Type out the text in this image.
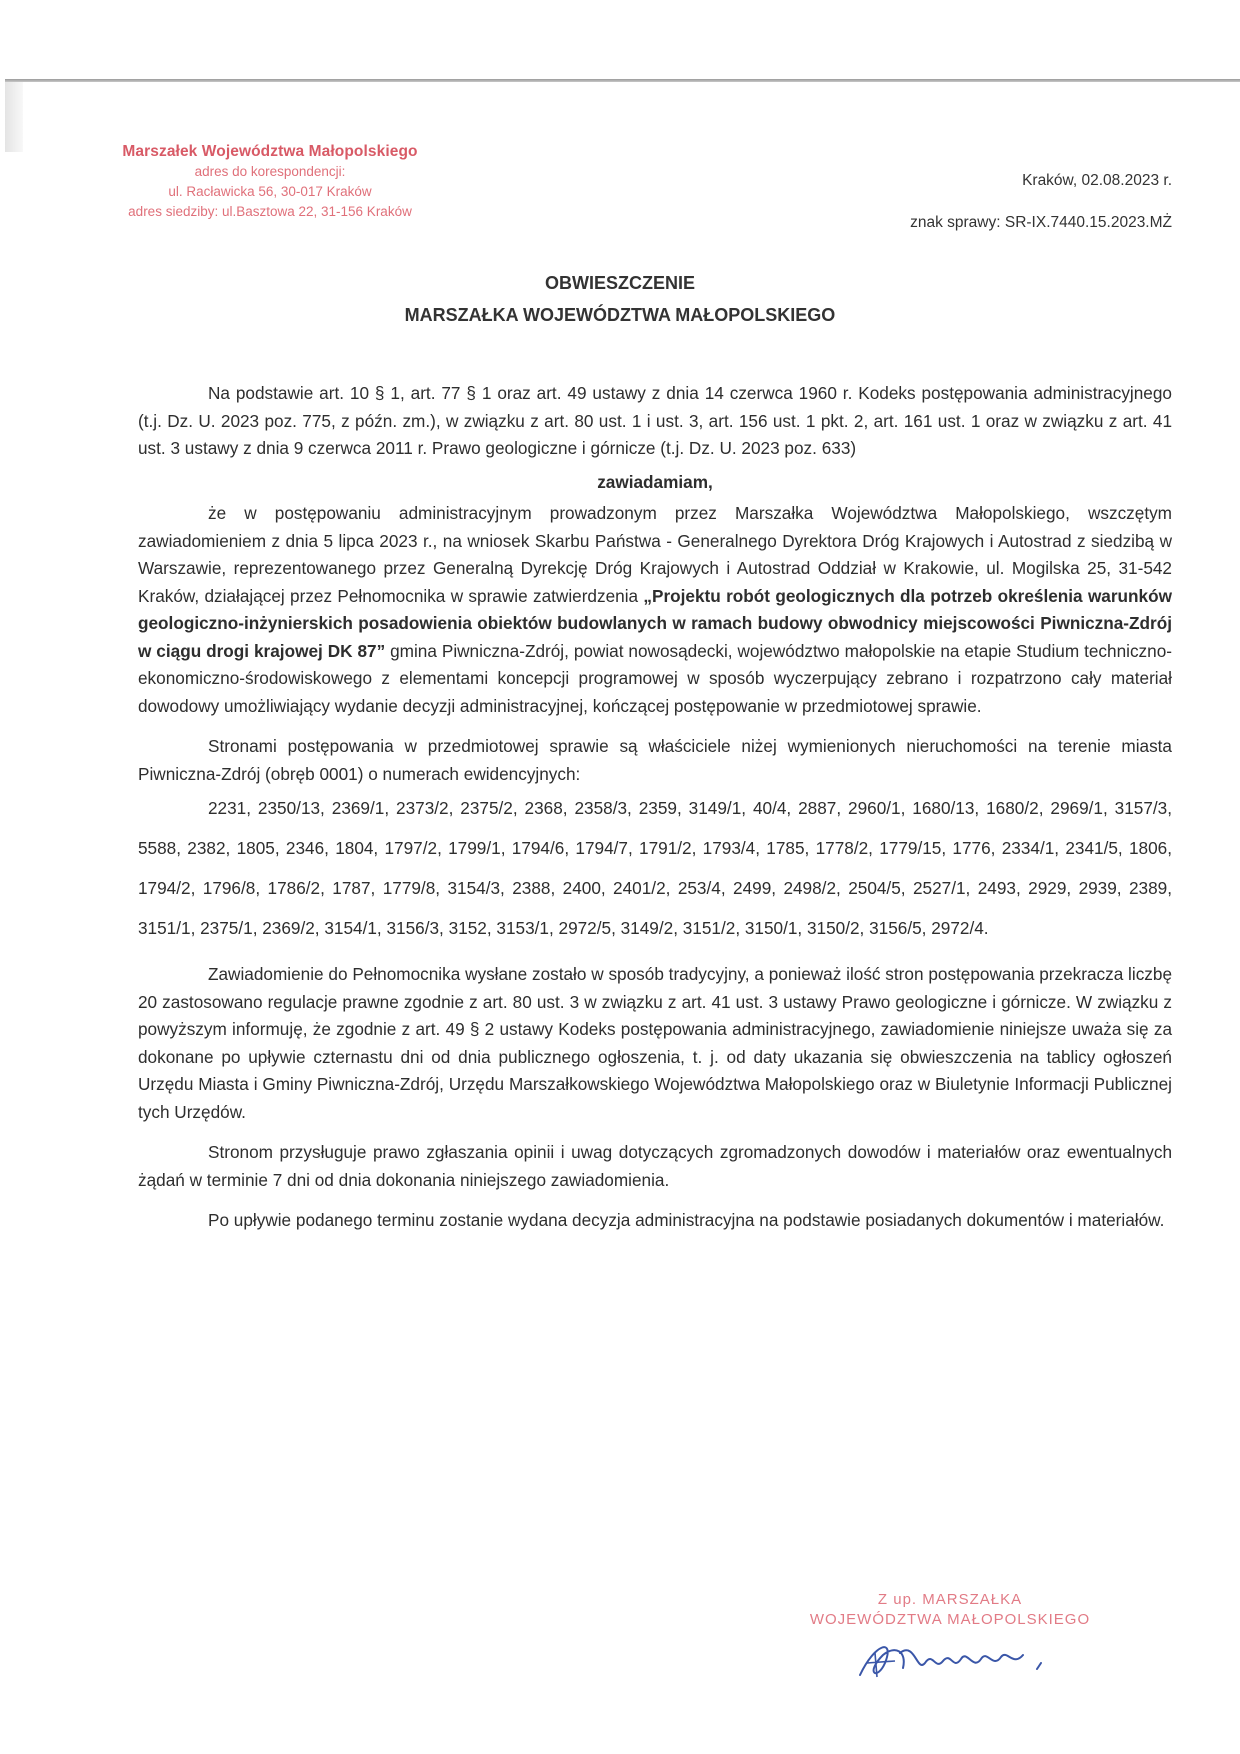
Marszałek Województwa Małopolskiego
adres do korespondencji:
ul. Racławicka 56, 30-017 Kraków
adres siedziby: ul.Basztowa 22, 31-156 Kraków
Kraków, 02.08.2023 r.
znak sprawy: SR-IX.7440.15.2023.MŻ
OBWIESZCZENIE
MARSZAŁKA WOJEWÓDZTWA MAŁOPOLSKIEGO

Na podstawie art. 10 § 1, art. 77 § 1 oraz art. 49 ustawy z dnia 14 czerwca 1960 r. Kodeks postępowania administracyjnego (t.j. Dz. U. 2023 poz. 775, z późn. zm.), w związku z art. 80 ust. 1 i ust. 3, art. 156 ust. 1 pkt. 2, art. 161 ust. 1 oraz w związku z art. 41 ust. 3 ustawy z dnia 9 czerwca 2011 r. Prawo geologiczne i górnicze (t.j. Dz. U. 2023 poz. 633)

zawiadamiam,

że w postępowaniu administracyjnym prowadzonym przez Marszałka Województwa Małopolskiego, wszczętym zawiadomieniem z dnia 5 lipca 2023 r., na wniosek Skarbu Państwa - Generalnego Dyrektora Dróg Krajowych i Autostrad z siedzibą w Warszawie, reprezentowanego przez Generalną Dyrekcję Dróg Krajowych i Autostrad Oddział w Krakowie, ul. Mogilska 25, 31-542 Kraków, działającej przez Pełnomocnika w sprawie zatwierdzenia „Projektu robót geologicznych dla potrzeb określenia warunków geologiczno-inżynierskich posadowienia obiektów budowlanych w ramach budowy obwodnicy miejscowości Piwniczna-Zdrój w ciągu drogi krajowej DK 87” gmina Piwniczna-Zdrój, powiat nowosądecki, województwo małopolskie na etapie Studium techniczno-ekonomiczno-środowiskowego z elementami koncepcji programowej w sposób wyczerpujący zebrano i rozpatrzono cały materiał dowodowy umożliwiający wydanie decyzji administracyjnej, kończącej postępowanie w przedmiotowej sprawie.

Stronami postępowania w przedmiotowej sprawie są właściciele niżej wymienionych nieruchomości na terenie miasta Piwniczna-Zdrój (obręb 0001) o numerach ewidencyjnych:

2231, 2350/13, 2369/1, 2373/2, 2375/2, 2368, 2358/3, 2359, 3149/1, 40/4, 2887, 2960/1, 1680/13, 1680/2, 2969/1, 3157/3, 5588, 2382, 1805, 2346, 1804, 1797/2, 1799/1, 1794/6, 1794/7, 1791/2, 1793/4, 1785, 1778/2, 1779/15, 1776, 2334/1, 2341/5, 1806, 1794/2, 1796/8, 1786/2, 1787, 1779/8, 3154/3, 2388, 2400, 2401/2, 253/4, 2499, 2498/2, 2504/5, 2527/1, 2493, 2929, 2939, 2389, 3151/1, 2375/1, 2369/2, 3154/1, 3156/3, 3152, 3153/1, 2972/5, 3149/2, 3151/2, 3150/1, 3150/2, 3156/5, 2972/4.

Zawiadomienie do Pełnomocnika wysłane zostało w sposób tradycyjny, a ponieważ ilość stron postępowania przekracza liczbę 20 zastosowano regulacje prawne zgodnie z art. 80 ust. 3 w związku z art. 41 ust. 3 ustawy Prawo geologiczne i górnicze. W związku z powyższym informuję, że zgodnie z art. 49 § 2 ustawy Kodeks postępowania administracyjnego, zawiadomienie niniejsze uważa się za dokonane po upływie czternastu dni od dnia publicznego ogłoszenia, t. j. od daty ukazania się obwieszczenia na tablicy ogłoszeń Urzędu Miasta i Gminy Piwniczna-Zdrój, Urzędu Marszałkowskiego Województwa Małopolskiego oraz w Biuletynie Informacji Publicznej tych Urzędów.

Stronom przysługuje prawo zgłaszania opinii i uwag dotyczących zgromadzonych dowodów i materiałów oraz ewentualnych żądań w terminie 7 dni od dnia dokonania niniejszego zawiadomienia.

Po upływie podanego terminu zostanie wydana decyzja administracyjna na podstawie posiadanych dokumentów i materiałów.

Z up. MARSZAŁKA
WOJEWÓDZTWA MAŁOPOLSKIEGO
